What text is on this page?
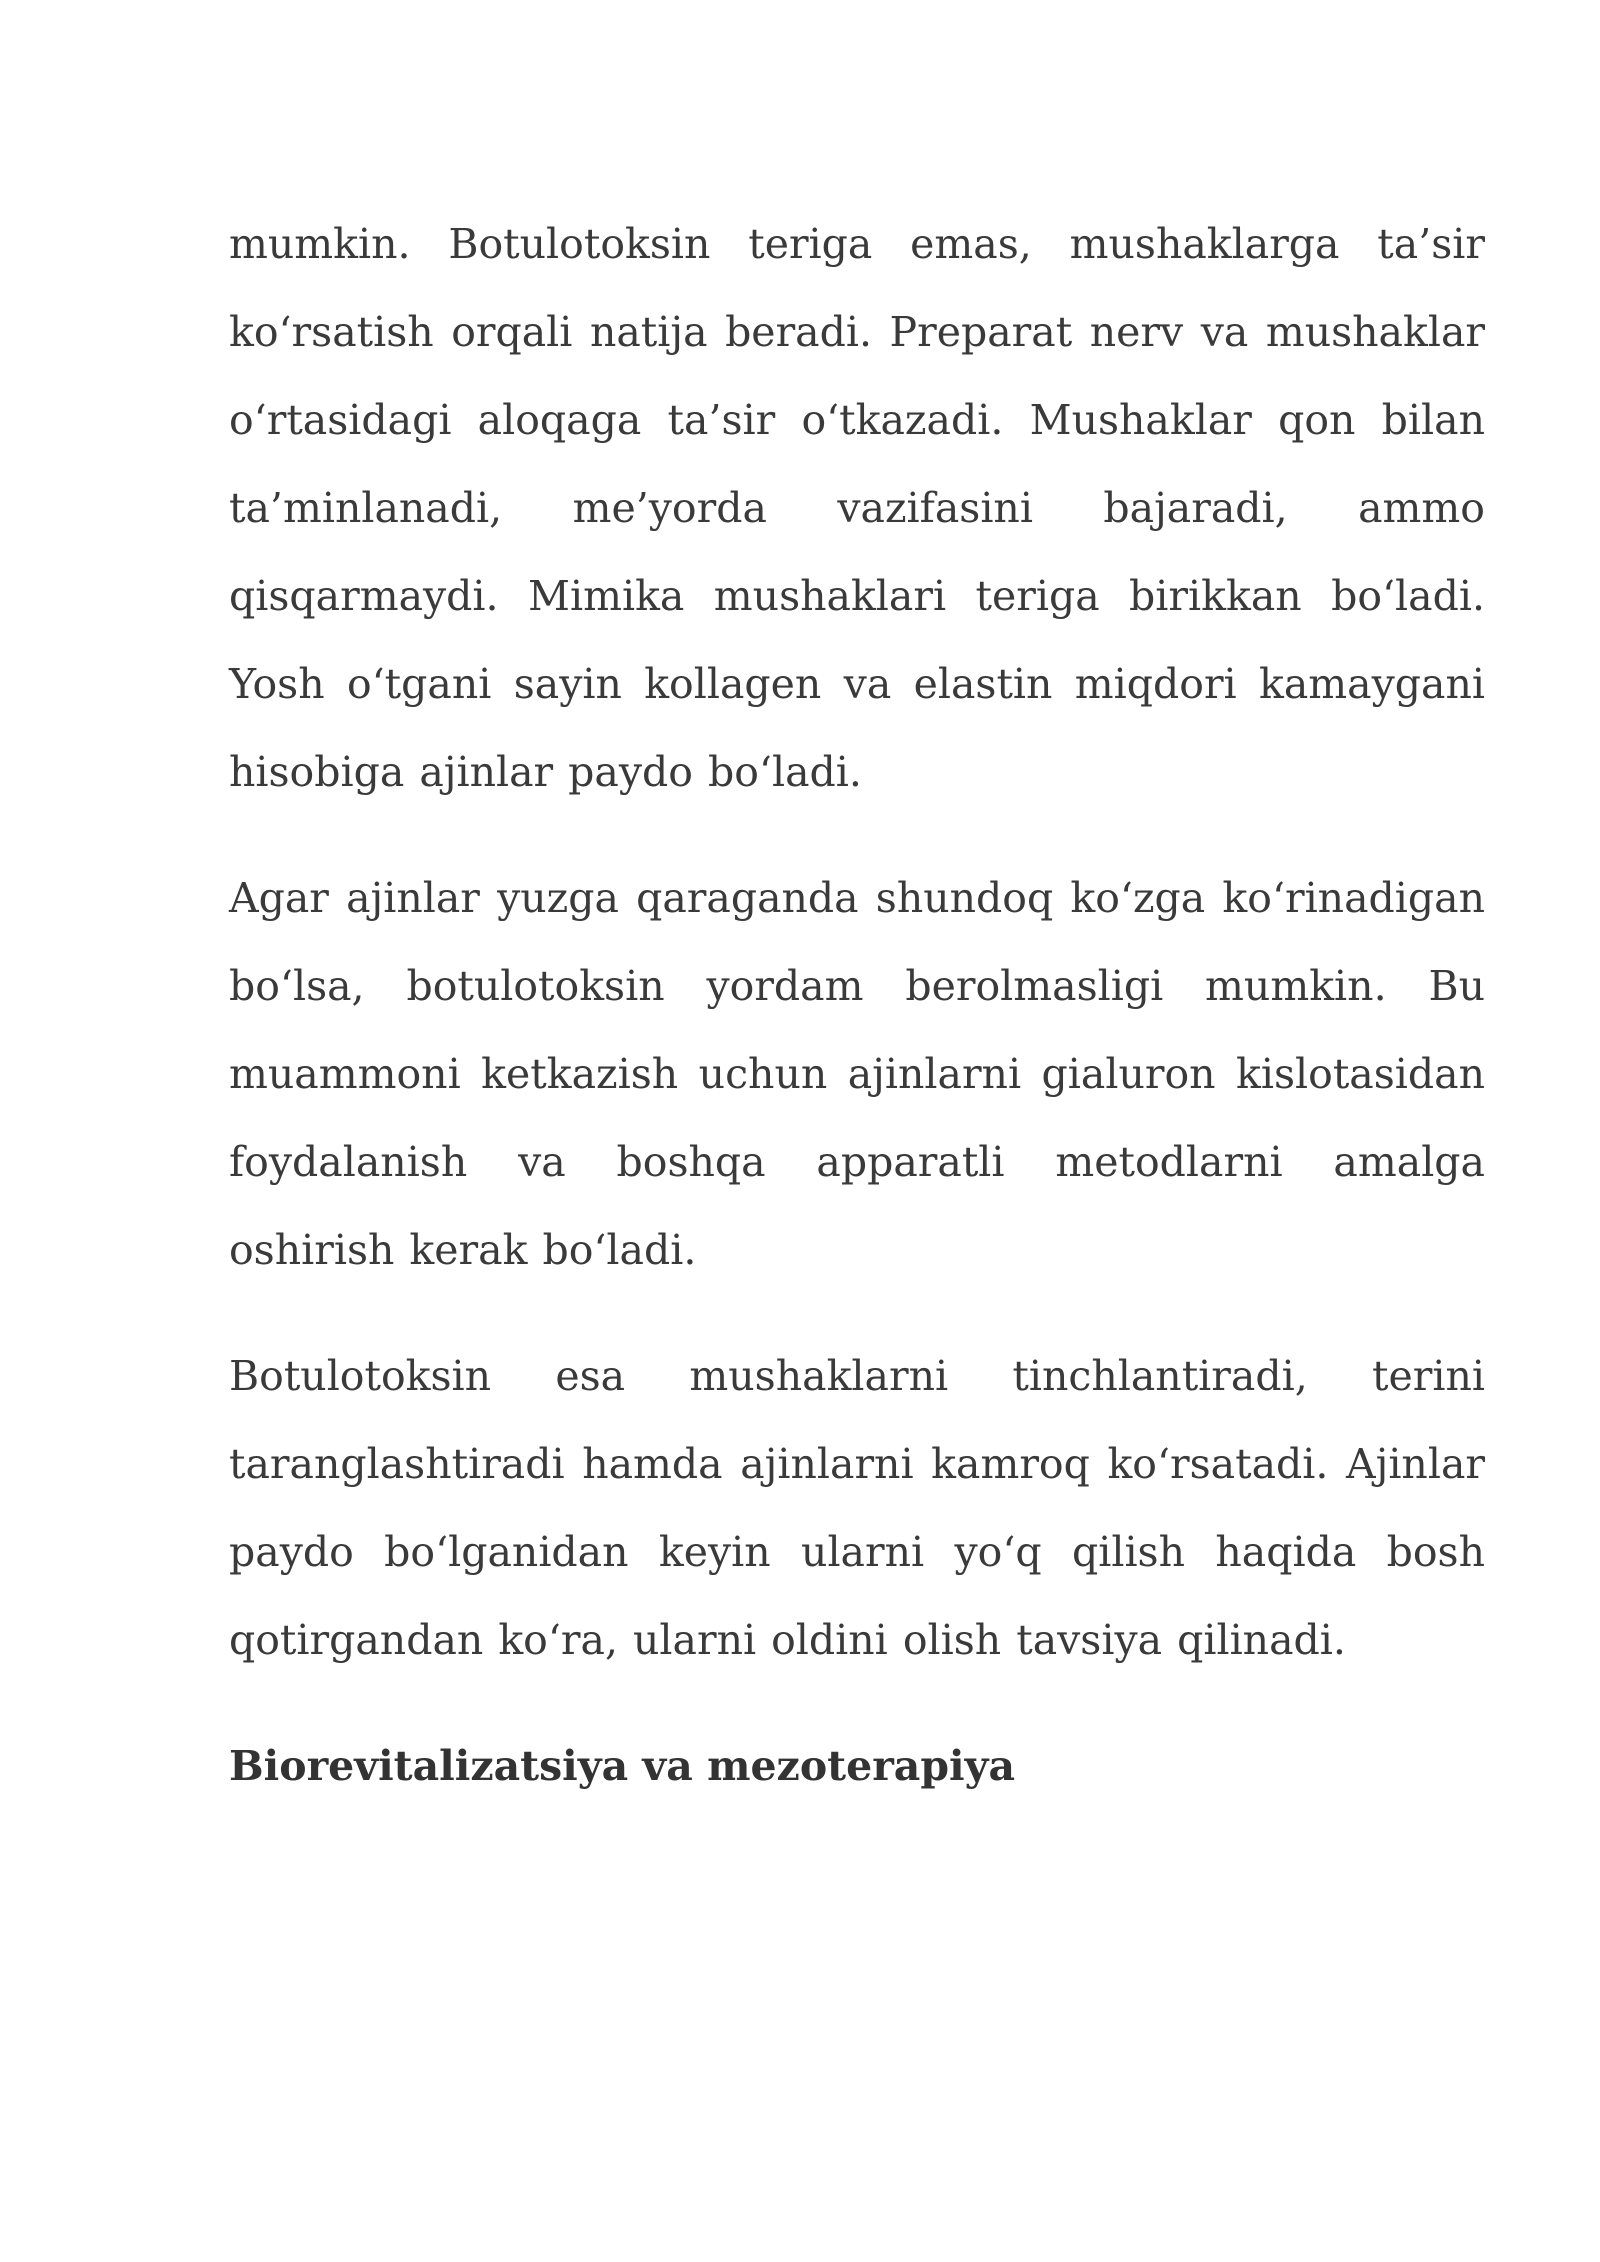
mumkin. Botulotoksin teriga emas, mushaklarga ta’sir ko‘rsatish orqali natija beradi. Preparat nerv va mushaklar o‘rtasidagi aloqaga ta’sir o‘tkazadi. Mushaklar qon bilan ta’minlanadi, me’yorda vazifasini bajaradi, ammo qisqarmaydi. Mimika mushaklari teriga birikkan bo‘ladi. Yosh o‘tgani sayin kollagen va elastin miqdori kamaygani hisobiga ajinlar paydo bo‘ladi.

Agar ajinlar yuzga qaraganda shundoq ko‘zga ko‘rinadigan bo‘lsa, botulotoksin yordam berolmasligi mumkin. Bu muammoni ketkazish uchun ajinlarni gialuron kislotasidan foydalanish va boshqa apparatli metodlarni amalga oshirish kerak bo‘ladi.

Botulotoksin esa mushaklarni tinchlantiradi, terini taranglashtiradi hamda ajinlarni kamroq ko‘rsatadi. Ajinlar paydo bo‘lganidan keyin ularni yo‘q qilish haqida bosh qotirgandan ko‘ra, ularni oldini olish tavsiya qilinadi.

Biorevitalizatsiya va mezoterapiya
